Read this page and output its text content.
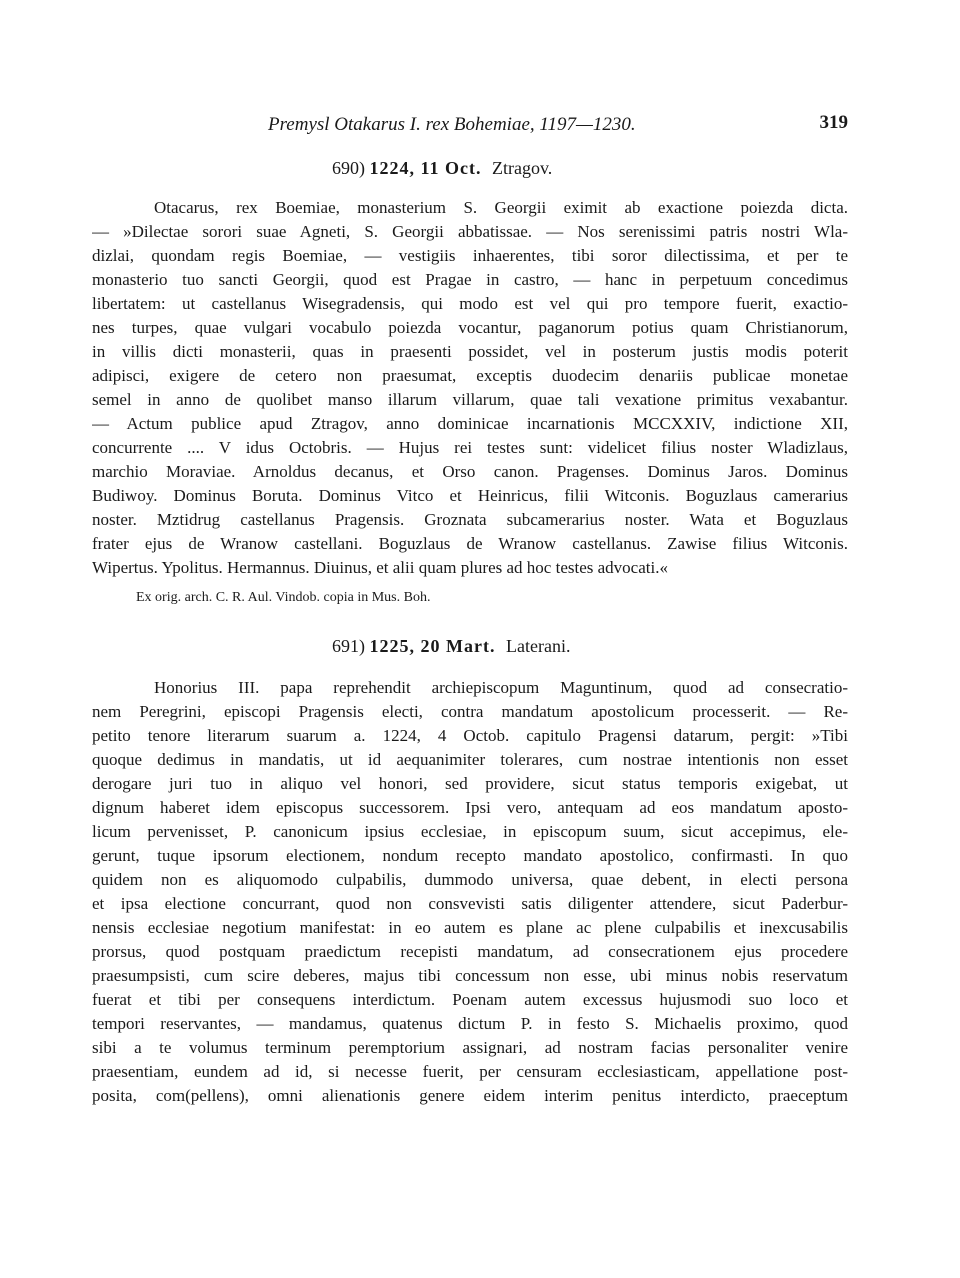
Premysl Otakarus I. rex Bohemiae, 1197—1230.	319
690) 1224, 11 Oct. Ztragov.
Otacarus, rex Boemiae, monasterium S. Georgii eximit ab exactione poiezda dicta.
— »Dilectae sorori suae Agneti, S. Georgii abbatissae. — Nos serenissimi patris nostri Wla-
dizlai, quondam regis Boemiae, — vestigiis inhaerentes, tibi soror dilectissima, et per te
monasterio tuo sancti Georgii, quod est Pragae in castro, — hanc in perpetuum concedimus
libertatem: ut castellanus Wisegradensis, qui modo est vel qui pro tempore fuerit, exactio-
nes turpes, quae vulgari vocabulo poiezda vocantur, paganorum potius quam Christianorum,
in villis dicti monasterii, quas in praesenti possidet, vel in posterum justis modis poterit
adipisci, exigere de cetero non praesumat, exceptis duodecim denariis publicae monetae
semel in anno de quolibet manso illarum villarum, quae tali vexatione primitus vexabantur.
— Actum publice apud Ztragov, anno dominicae incarnationis MCCXXIV, indictione XII,
concurrente .... V idus Octobris. — Hujus rei testes sunt: videlicet filius noster Wladizlaus,
marchio Moraviae. Arnoldus decanus, et Orso canon. Pragenses. Dominus Jaros. Dominus
Budiwoy. Dominus Boruta. Dominus Vitco et Heinricus, filii Witconis. Boguzlaus camerarius
noster. Mztidrug castellanus Pragensis. Groznata subcamerarius noster. Wata et Boguzlaus
frater ejus de Wranow castellani. Boguzlaus de Wranow castellanus. Zawise filius Witconis.
Wipertus. Ypolitus. Hermannus. Diuinus, et alii quam plures ad hoc testes advocati.«
Ex orig. arch. C. R. Aul. Vindob. copia in Mus. Boh.
691) 1225, 20 Mart. Laterani.
Honorius III. papa reprehendit archiepiscopum Maguntinum, quod ad consecratio-
nem Peregrini, episcopi Pragensis electi, contra mandatum apostolicum processerit. — Re-
petito tenore literarum suarum a. 1224, 4 Octob. capitulo Pragensi datarum, pergit: »Tibi
quoque dedimus in mandatis, ut id aequanimiter tolerares, cum nostrae intentionis non esset
derogare juri tuo in aliquo vel honori, sed providere, sicut status temporis exigebat, ut
dignum haberet idem episcopus successorem. Ipsi vero, antequam ad eos mandatum aposto-
licum pervenisset, P. canonicum ipsius ecclesiae, in episcopum suum, sicut accepimus, ele-
gerunt, tuque ipsorum electionem, nondum recepto mandato apostolico, confirmasti. In quo
quidem non es aliquomodo culpabilis, dummodo universa, quae debent, in electi persona
et ipsa electione concurrant, quod non consvevisti satis diligenter attendere, sicut Paderbur-
nensis ecclesiae negotium manifestat: in eo autem es plane ac plene culpabilis et inexcusabilis
prorsus, quod postquam praedictum recepisti mandatum, ad consecrationem ejus procedere
praesumpsisti, cum scire deberes, majus tibi concessum non esse, ubi minus nobis reservatum
fuerat et tibi per consequens interdictum. Poenam autem excessus hujusmodi suo loco et
tempori reservantes, — mandamus, quatenus dictum P. in festo S. Michaelis proximo, quod
sibi a te volumus terminum peremptorium assignari, ad nostram facias personaliter venire
praesentiam, eundem ad id, si necesse fuerit, per censuram ecclesiasticam, appellatione post-
posita, com(pellens), omni alienationis genere eidem interim penitus interdicto, praeceptum
